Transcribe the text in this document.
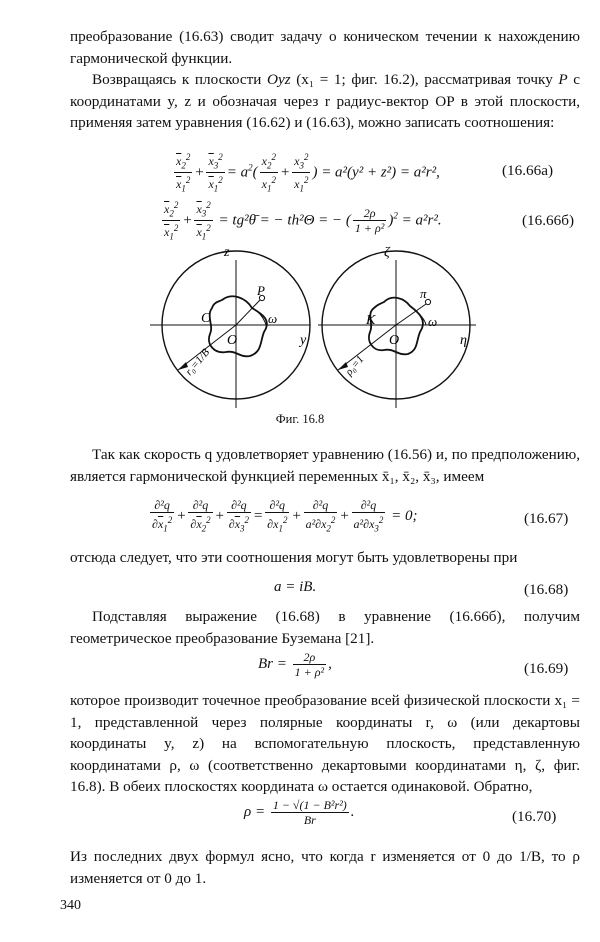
преобразование (16.63) сводит задачу о коническом течении к нахождению гармонической функции.
Возвращаясь к плоскости Oyz (x₁ = 1; фиг. 16.2), рассматривая точку P с координатами y, z и обозначая через r радиус-вектор OP в этой плоскости, применяя затем уравнения (16.62) и (16.63), можно записать соотношения:
$\frac{\overline{x}_2^2}{\overline{x}_1^2} + \frac{\overline{x}_3^2}{\overline{x}_1^2} = a^2( \frac{x_2^2}{x_1^2} + \frac{x_3^2}{x_1^2}$ ) = a²(y² + z²) = a²r²,	(16.66а)
$\frac{\overline{x}_2^2}{\overline{x}_1^2} + \frac{\overline{x}_3^2}{\overline{x}_1^2}$ = tg²θ̄ = − th²Θ = − ( $\frac{2\rho}{\text{1 + ρ²}} )^2 = a^2r^2$.	(16.66б)
z
y
C
P
O
ω
r₀=1/B
ζ
η
K
π
O
ω
ρ₀=1
Фиг. 16.8
Так как скорость q удовлетворяет уравнению (16.56) и, по предположению, является гармонической функцией переменных x̄₁, x̄₂, x̄₃, имеем
$\frac{\text{∂²q}}{\partial\overline{x}_1^2} + \frac{\text{∂²q}}{\partial\overline{x}_2^2} + \frac{\text{∂²q}}{\partial\overline{x}_3^2} = \frac{\text{∂²q}}{\partial x_1^2} + \frac{\text{∂²q}}{a^2\partial x_2^2} + \frac{\text{∂²q}}{a^2\partial x_3^2} = 0$;	(16.67)
отсюда следует, что эти соотношения могут быть удовлетворены при
a = iB.	(16.68)
Подставляя выражение (16.68) в уравнение (16.66б), получим геометрическое преобразование Буземана [21].
$Br = \frac{2\rho}{\text{1 + ρ²}}$ ,	(16.69)
которое производит точечное преобразование всей физической плоскости x₁ = 1, представленной через полярные координаты r, ω (или декартовы координаты y, z) на вспомогательную плоскость, представленную координатами ρ, ω (соответственно декартовыми координатами η, ζ, фиг. 16.8). В обеих плоскостях координата ω остается одинаковой. Обратно,
$\rho = \frac{\text{1 − √(1 − B²r²)}}{Br}$ .	(16.70)
Из последних двух формул ясно, что когда r изменяется от 0 до 1/B, то ρ изменяется от 0 до 1.
340
